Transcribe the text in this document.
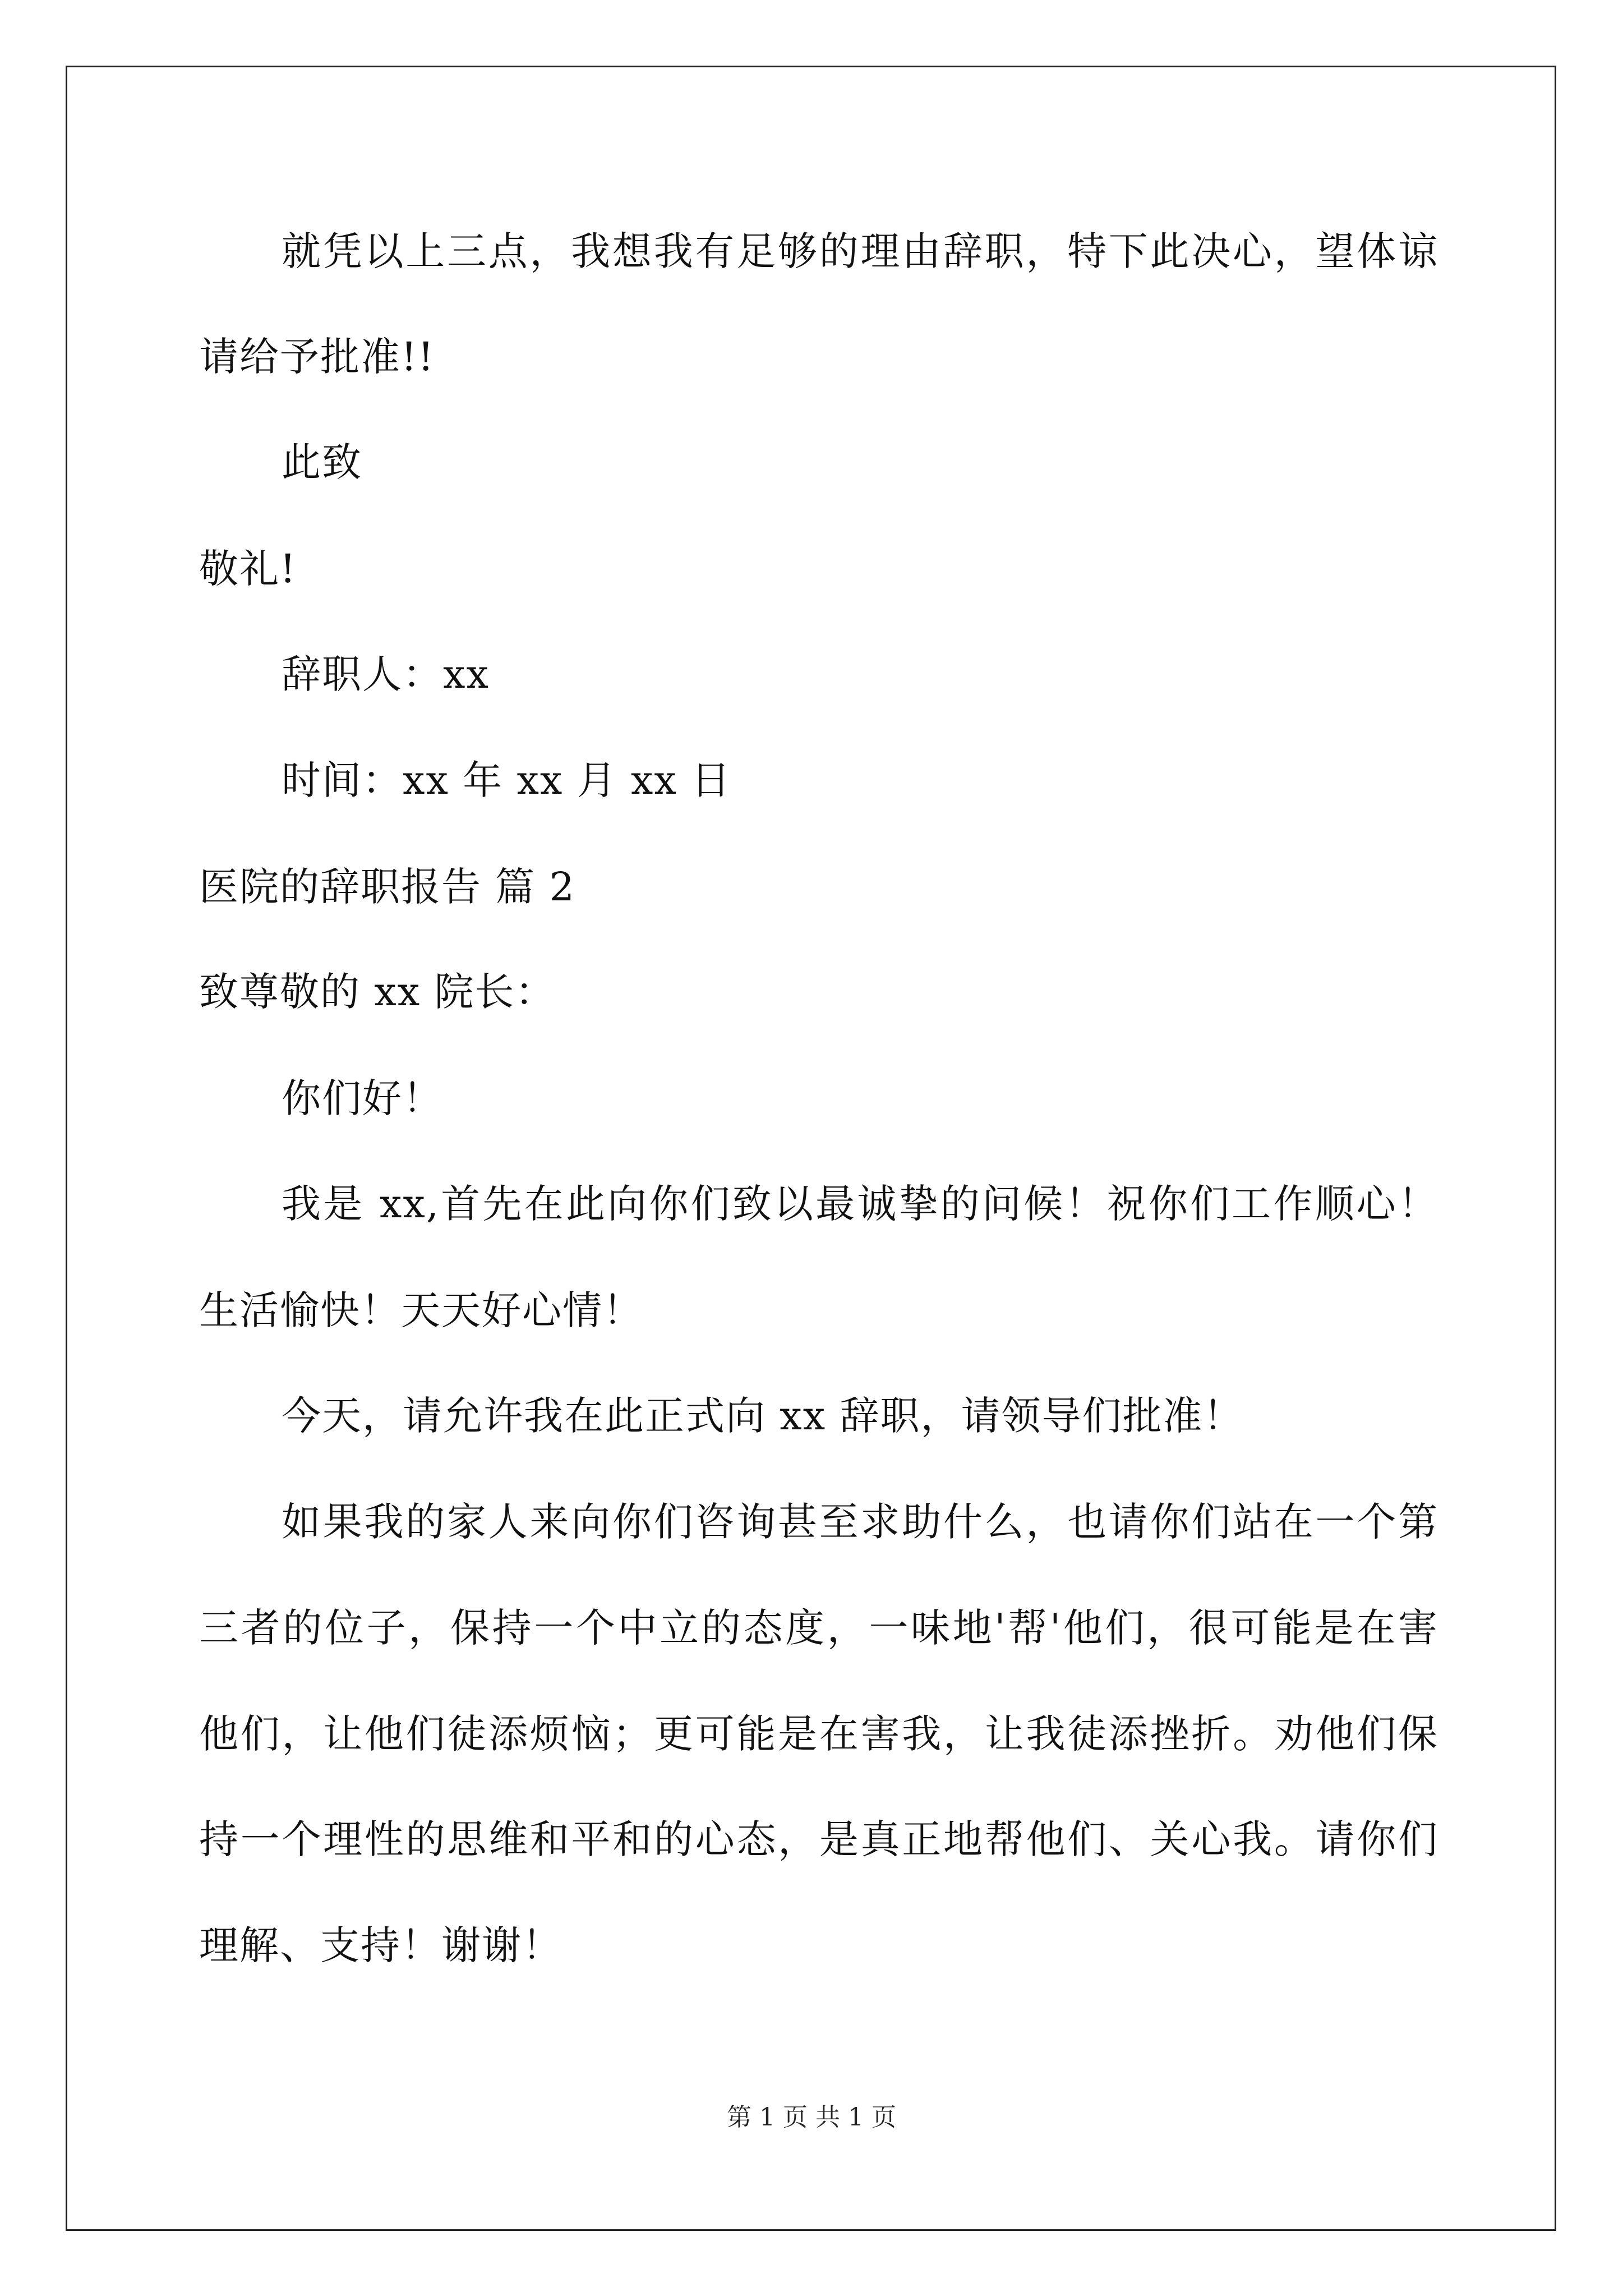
就凭以上三点，我想我有足够的理由辞职，特下此决心，望体谅
请给予批准!!
此致
敬礼!
辞职人：xx
时间：xx 年 xx 月 xx 日
医院的辞职报告 篇 2
致尊敬的 xx 院长：
你们好！
我是 xx,首先在此向你们致以最诚挚的问候！祝你们工作顺心！
生活愉快！天天好心情！
今天，请允许我在此正式向 xx 辞职，请领导们批准！
如果我的家人来向你们咨询甚至求助什么，也请你们站在一个第
三者的位子，保持一个中立的态度，一味地'帮'他们，很可能是在害
他们，让他们徒添烦恼；更可能是在害我，让我徒添挫折。劝他们保
持一个理性的思维和平和的心态，是真正地帮他们、关心我。请你们
理解、支持！谢谢！
第 1 页 共 1 页
